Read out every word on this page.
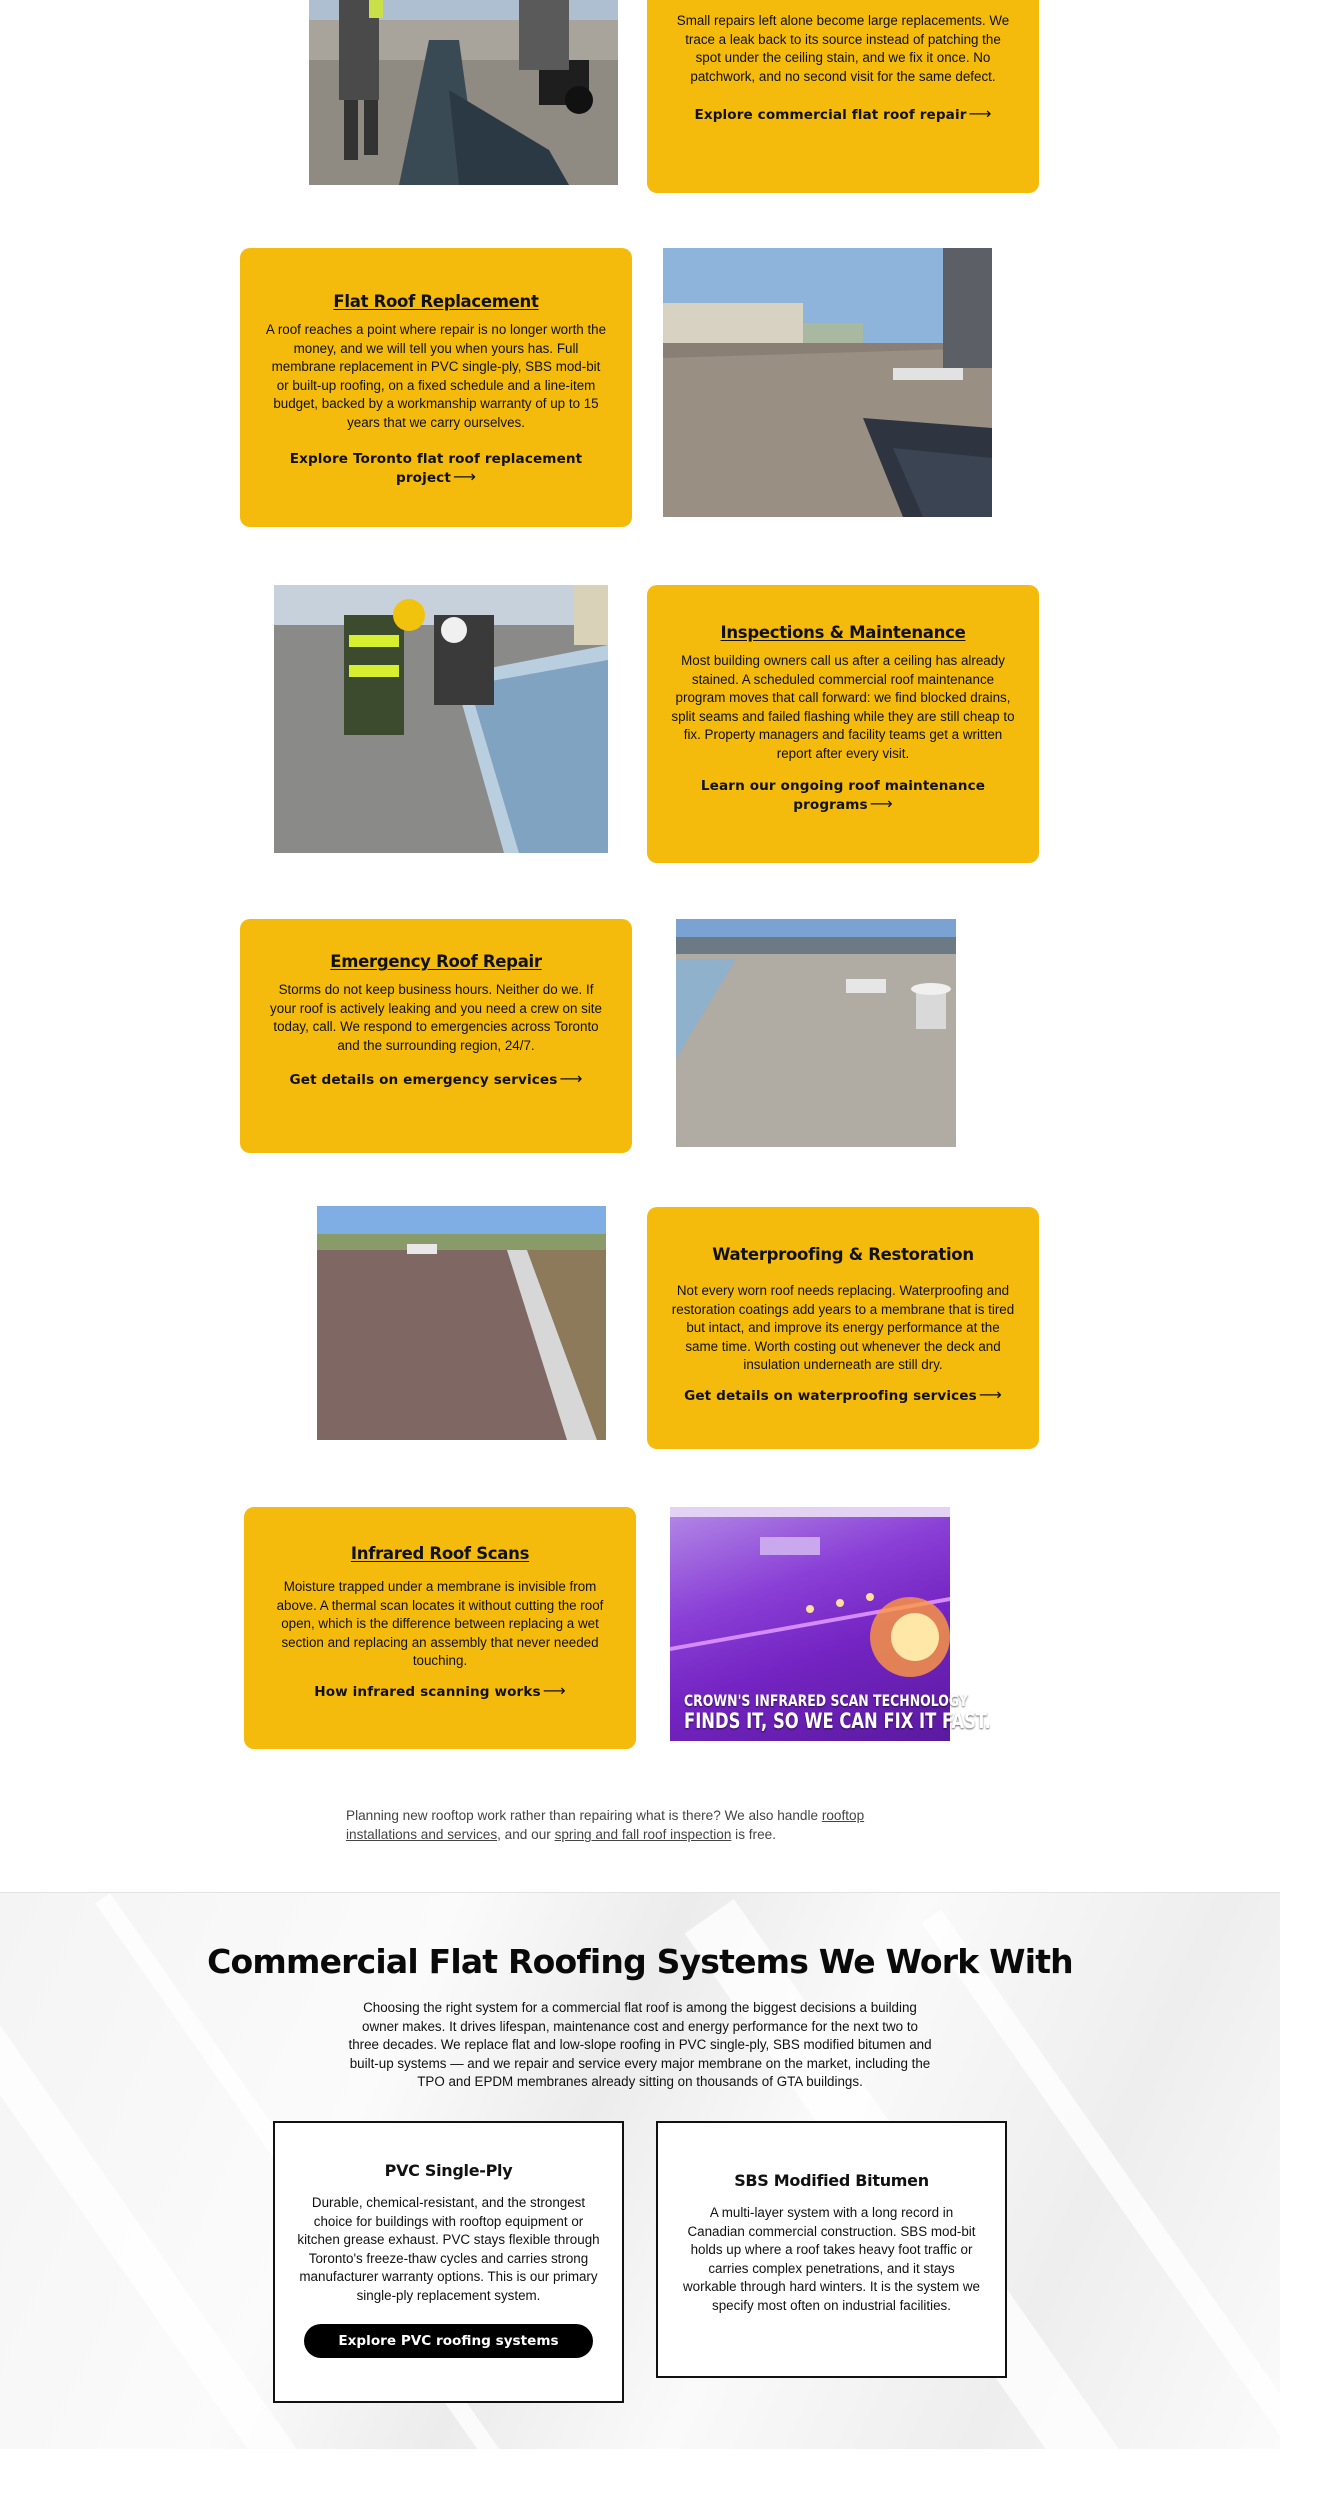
Small repairs left alone become large replacements. We trace a leak back to its source instead of patching the spot under the ceiling stain, and we fix it once. No patchwork, and no second visit for the same defect.

Explore commercial flat roof repair ⟶
Flat Roof Replacement

A roof reaches a point where repair is no longer worth the money, and we will tell you when yours has. Full membrane replacement in PVC single-ply, SBS mod-bit or built-up roofing, on a fixed schedule and a line-item budget, backed by a workmanship warranty of up to 15 years that we carry ourselves.

Explore Toronto flat roof replacement project ⟶
Inspections & Maintenance

Most building owners call us after a ceiling has already stained. A scheduled commercial roof maintenance program moves that call forward: we find blocked drains, split seams and failed flashing while they are still cheap to fix. Property managers and facility teams get a written report after every visit.

Learn our ongoing roof maintenance programs ⟶
Emergency Roof Repair

Storms do not keep business hours. Neither do we. If your roof is actively leaking and you need a crew on site today, call. We respond to emergencies across Toronto and the surrounding region, 24/7.

Get details on emergency services ⟶
Waterproofing & Restoration

Not every worn roof needs replacing. Waterproofing and restoration coatings add years to a membrane that is tired but intact, and improve its energy performance at the same time. Worth costing out whenever the deck and insulation underneath are still dry.

Get details on waterproofing services ⟶
Infrared Roof Scans

Moisture trapped under a membrane is invisible from above. A thermal scan locates it without cutting the roof open, which is the difference between replacing a wet section and replacing an assembly that never needed touching.

How infrared scanning works ⟶
CROWN'S INFRARED SCAN TECHNOLOGY
FINDS IT, SO WE CAN FIX IT FAST.
Planning new rooftop work rather than repairing what is there? We also handle rooftop installations and services, and our spring and fall roof inspection is free.
Commercial Flat Roofing Systems We Work With
Choosing the right system for a commercial flat roof is among the biggest decisions a building owner makes. It drives lifespan, maintenance cost and energy performance for the next two to three decades. We replace flat and low-slope roofing in PVC single-ply, SBS modified bitumen and built-up systems — and we repair and service every major membrane on the market, including the TPO and EPDM membranes already sitting on thousands of GTA buildings.
PVC Single-Ply

Durable, chemical-resistant, and the strongest choice for buildings with rooftop equipment or kitchen grease exhaust. PVC stays flexible through Toronto's freeze-thaw cycles and carries strong manufacturer warranty options. This is our primary single-ply replacement system.

Explore PVC roofing systems
SBS Modified Bitumen

A multi-layer system with a long record in Canadian commercial construction. SBS mod-bit holds up where a roof takes heavy foot traffic or carries complex penetrations, and it stays workable through hard winters. It is the system we specify most often on industrial facilities.
